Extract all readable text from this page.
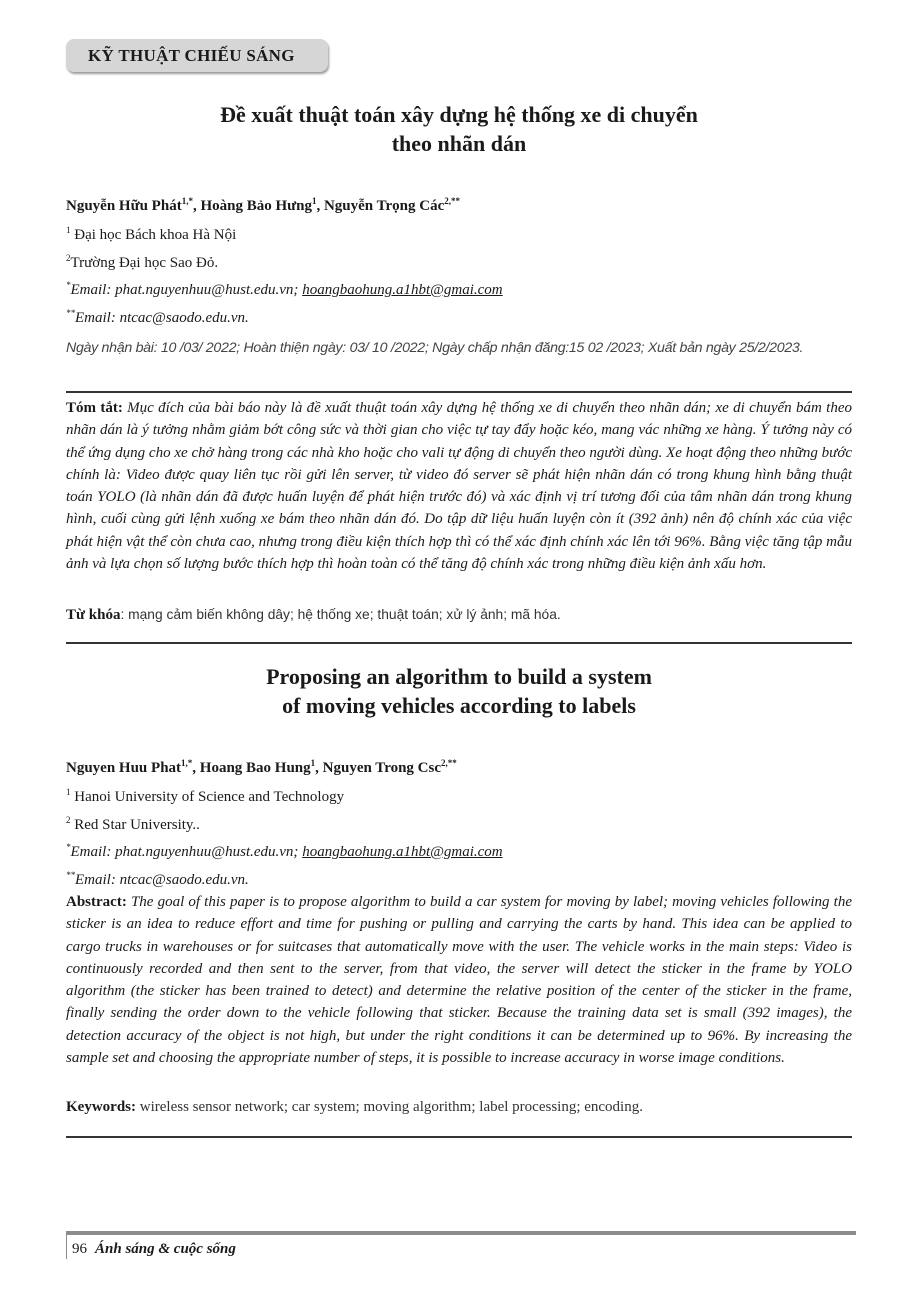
KỸ THUẬT CHIẾU SÁNG
Đề xuất thuật toán xây dựng hệ thống xe di chuyển
theo nhãn dán
Nguyễn Hữu Phát$^{1,*}$, Hoàng Bảo Hưng$^1$, Nguyễn Trọng Các$^{2,**}$
$^1$ Đại học Bách khoa Hà Nội
$^2$Trường Đại học Sao Đỏ.
*Email: phat.nguyenhuu@hust.edu.vn; hoangbaohung.a1hbt@gmai.com
**Email: ntcac@saodo.edu.vn.
Ngày nhận bài: 10 /03/ 2022; Hoàn thiện ngày: 03/ 10 /2022; Ngày chấp nhận đăng:15 02 /2023; Xuất bản ngày 25/2/2023.
Tóm tắt: Mục đích của bài báo này là đề xuất thuật toán xây dựng hệ thống xe di chuyển theo nhãn dán; xe di chuyển bám theo nhãn dán là ý tưởng nhằm giảm bớt công sức và thời gian cho việc tự tay đẩy hoặc kéo, mang vác những xe hàng. Ý tưởng này có thể ứng dụng cho xe chở hàng trong các nhà kho hoặc cho vali tự động di chuyển theo người dùng. Xe hoạt động theo những bước chính là: Video được quay liên tục rồi gửi lên server, từ video đó server sẽ phát hiện nhãn dán có trong khung hình bằng thuật toán YOLO (là nhãn dán đã được huấn luyện để phát hiện trước đó) và xác định vị trí tương đối của tâm nhãn dán trong khung hình, cuối cùng gửi lệnh xuống xe bám theo nhãn dán đó. Do tập dữ liệu huấn luyện còn ít (392 ảnh) nên độ chính xác của việc phát hiện vật thể còn chưa cao, nhưng trong điều kiện thích hợp thì có thể xác định chính xác lên tới 96%. Bằng việc tăng tập mẫu ảnh và lựa chọn số lượng bước thích hợp thì hoàn toàn có thể tăng độ chính xác trong những điều kiện ảnh xấu hơn.
Từ khóa: mạng cảm biến không dây; hệ thống xe; thuật toán; xử lý ảnh; mã hóa.
Proposing an algorithm to build a system
of moving vehicles according to labels
Nguyen Huu Phat$^{1,*}$, Hoang Bao Hung$^1$, Nguyen Trong Csc$^{2,**}$
$^1$ Hanoi University of Science and Technology
$^2$ Red Star University..
*Email: phat.nguyenhuu@hust.edu.vn; hoangbaohung.a1hbt@gmai.com
**Email: ntcac@saodo.edu.vn.
Abstract: The goal of this paper is to propose algorithm to build a car system for moving by label; moving vehicles following the sticker is an idea to reduce effort and time for pushing or pulling and carrying the carts by hand. This idea can be applied to cargo trucks in warehouses or for suitcases that automatically move with the user. The vehicle works in the main steps: Video is continuously recorded and then sent to the server, from that video, the server will detect the sticker in the frame by YOLO algorithm (the sticker has been trained to detect) and determine the relative position of the center of the sticker in the frame, finally sending the order down to the vehicle following that sticker. Because the training data set is small (392 images), the detection accuracy of the object is not high, but under the right conditions it can be determined up to 96%. By increasing the sample set and choosing the appropriate number of steps, it is possible to increase accuracy in worse image conditions.
Keywords: wireless sensor network; car system; moving algorithm; label processing; encoding.
96 Ánh sáng & cuộc sống
